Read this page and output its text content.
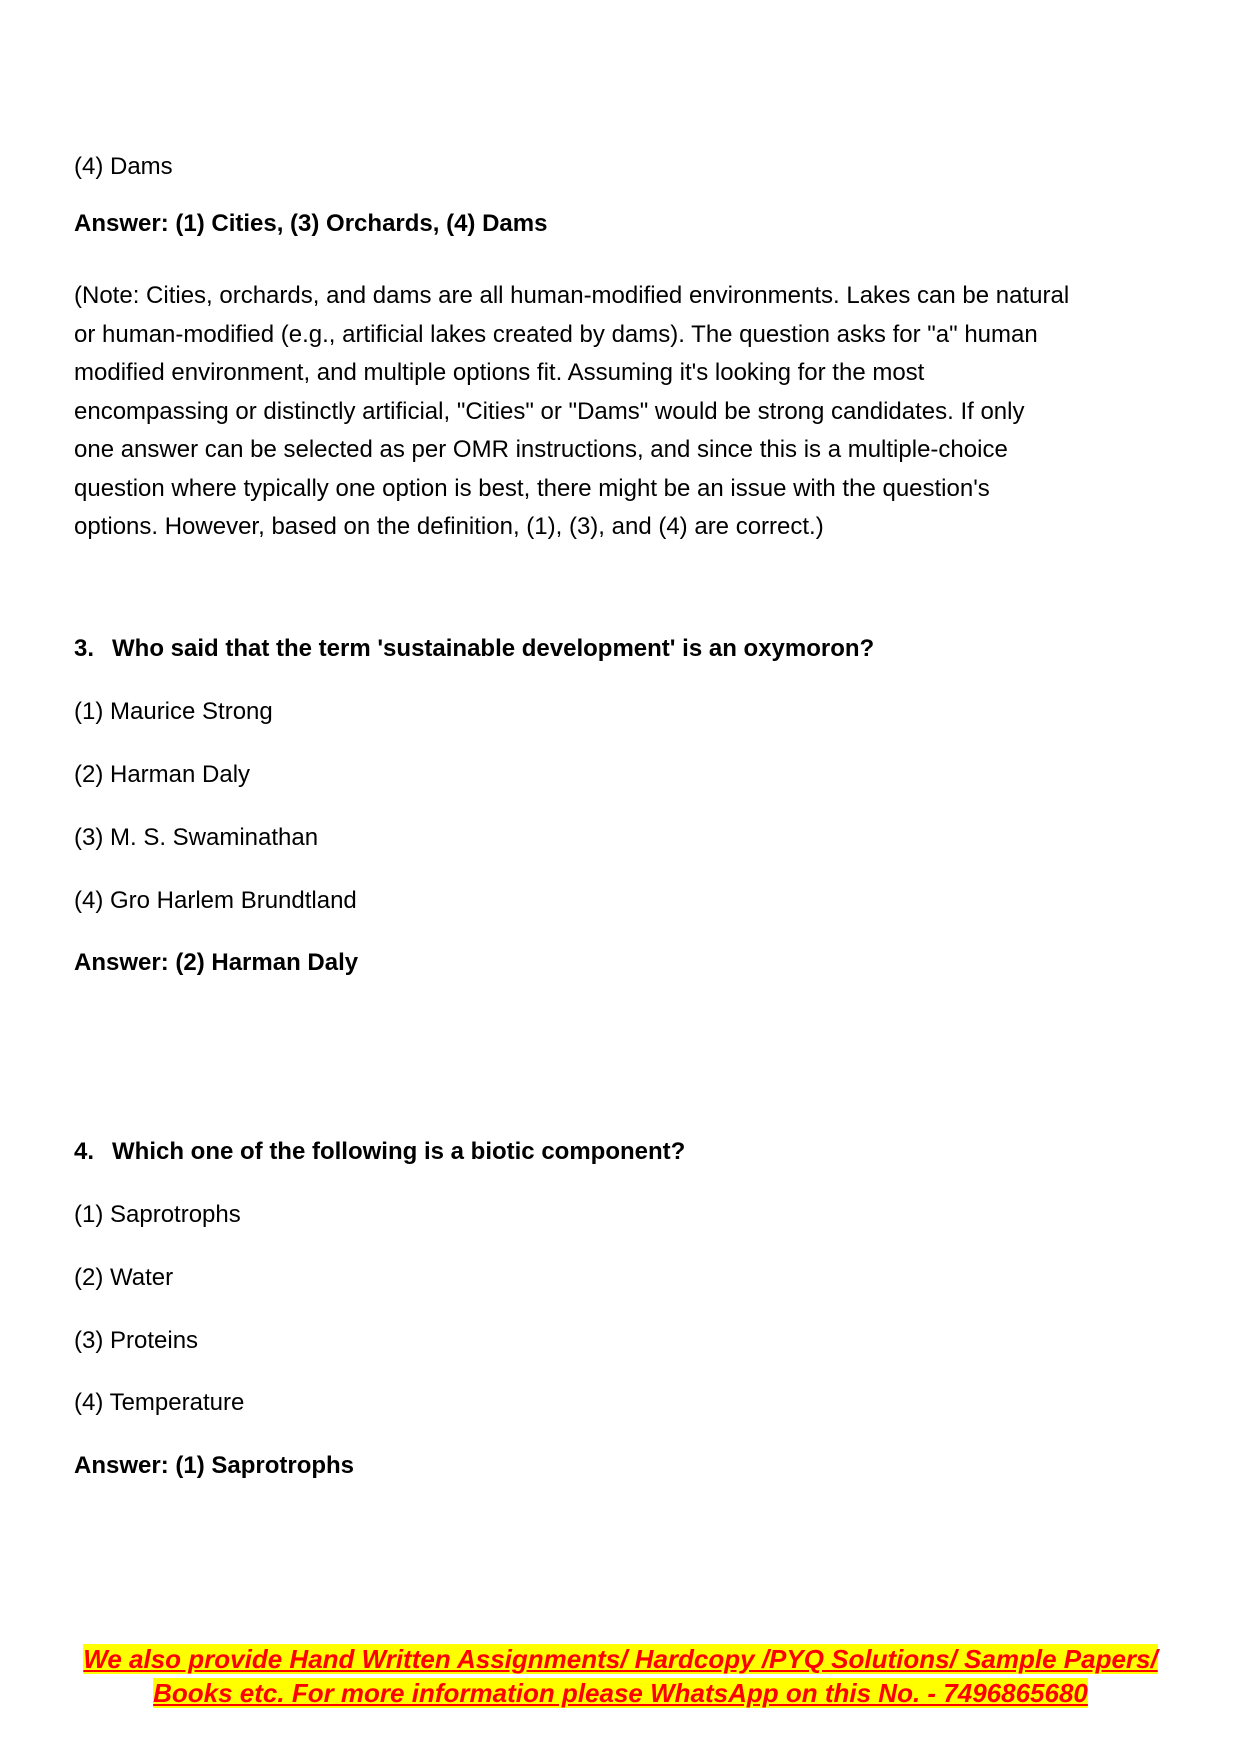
(4) Dams
Answer: (1) Cities, (3) Orchards, (4) Dams

(Note: Cities, orchards, and dams are all human-modified environments. Lakes can be natural

or human-modified (e.g., artificial lakes created by dams). The question asks for "a" human

modified environment, and multiple options fit. Assuming it's looking for the most

encompassing or distinctly artificial, "Cities" or "Dams" would be strong candidates. If only

one answer can be selected as per OMR instructions, and since this is a multiple-choice

question where typically one option is best, there might be an issue with the question's

options. However, based on the definition, (1), (3), and (4) are correct.)

3. Who said that the term 'sustainable development' is an oxymoron?
(1) Maurice Strong
(2) Harman Daly
(3) M. S. Swaminathan
(4) Gro Harlem Brundtland
Answer: (2) Harman Daly
4. Which one of the following is a biotic component?
(1) Saprotrophs
(2) Water
(3) Proteins
(4) Temperature
Answer: (1) Saprotrophs
We also provide Hand Written Assignments/ Hardcopy /PYQ Solutions/ Sample Papers/
Books etc. For more information please WhatsApp on this No. - 7496865680
